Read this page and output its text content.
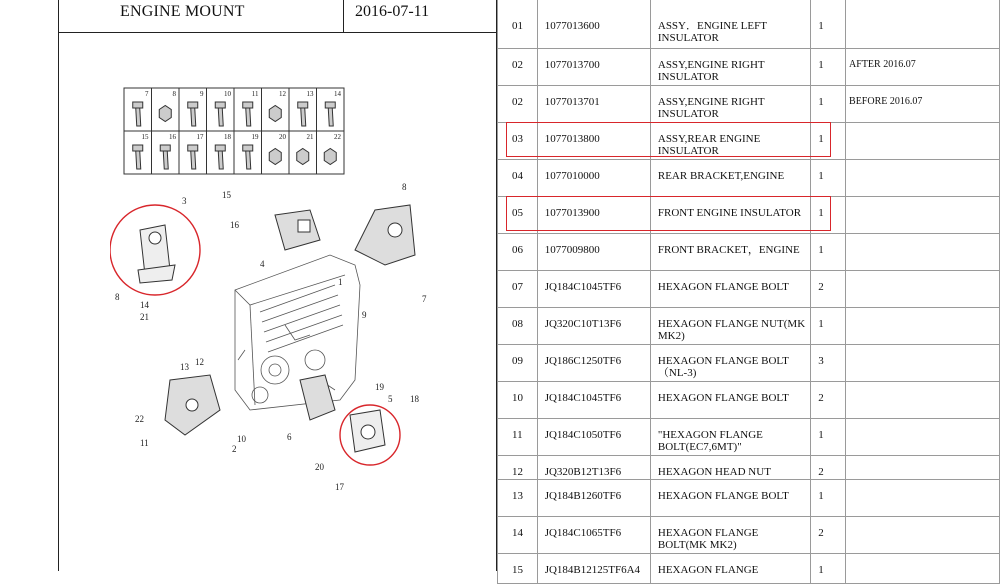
ENGINE MOUNT	2016-07-11
7	8	9	10	11	12	13	14
15	16	17	18	19	20	21	22
15
3
8
14
21
16
4
8
1
9
7
13 12
22
11
2
10
19
5 18
6
20
17
01	1077013600	ASSY．ENGINE LEFT INSULATOR	1	
02	1077013700	ASSY,ENGINE RIGHT INSULATOR	1	AFTER 2016.07
02	1077013701	ASSY,ENGINE RIGHT INSULATOR	1	BEFORE 2016.07
03	1077013800	ASSY,REAR ENGINE INSULATOR	1	
04	1077010000	REAR BRACKET,ENGINE	1	
05	1077013900	FRONT ENGINE INSULATOR	1	
06	1077009800	FRONT BRACKET，ENGINE	1	
07	JQ184C1045TF6	HEXAGON FLANGE BOLT	2	
08	JQ320C10T13F6	HEXAGON FLANGE NUT(MK MK2)	1	
09	JQ186C1250TF6	HEXAGON FLANGE BOLT（NL-3)	3	
10	JQ184C1045TF6	HEXAGON FLANGE BOLT	2	
11	JQ184C1050TF6	"HEXAGON FLANGE BOLT(EC7,6MT)"	1	
12	JQ320B12T13F6	HEXAGON HEAD NUT	2	
13	JQ184B1260TF6	HEXAGON FLANGE BOLT	1	
14	JQ184C1065TF6	HEXAGON FLANGE BOLT(MK MK2)	2	
15	JQ184B12125TF6A4	HEXAGON FLANGE	1	
